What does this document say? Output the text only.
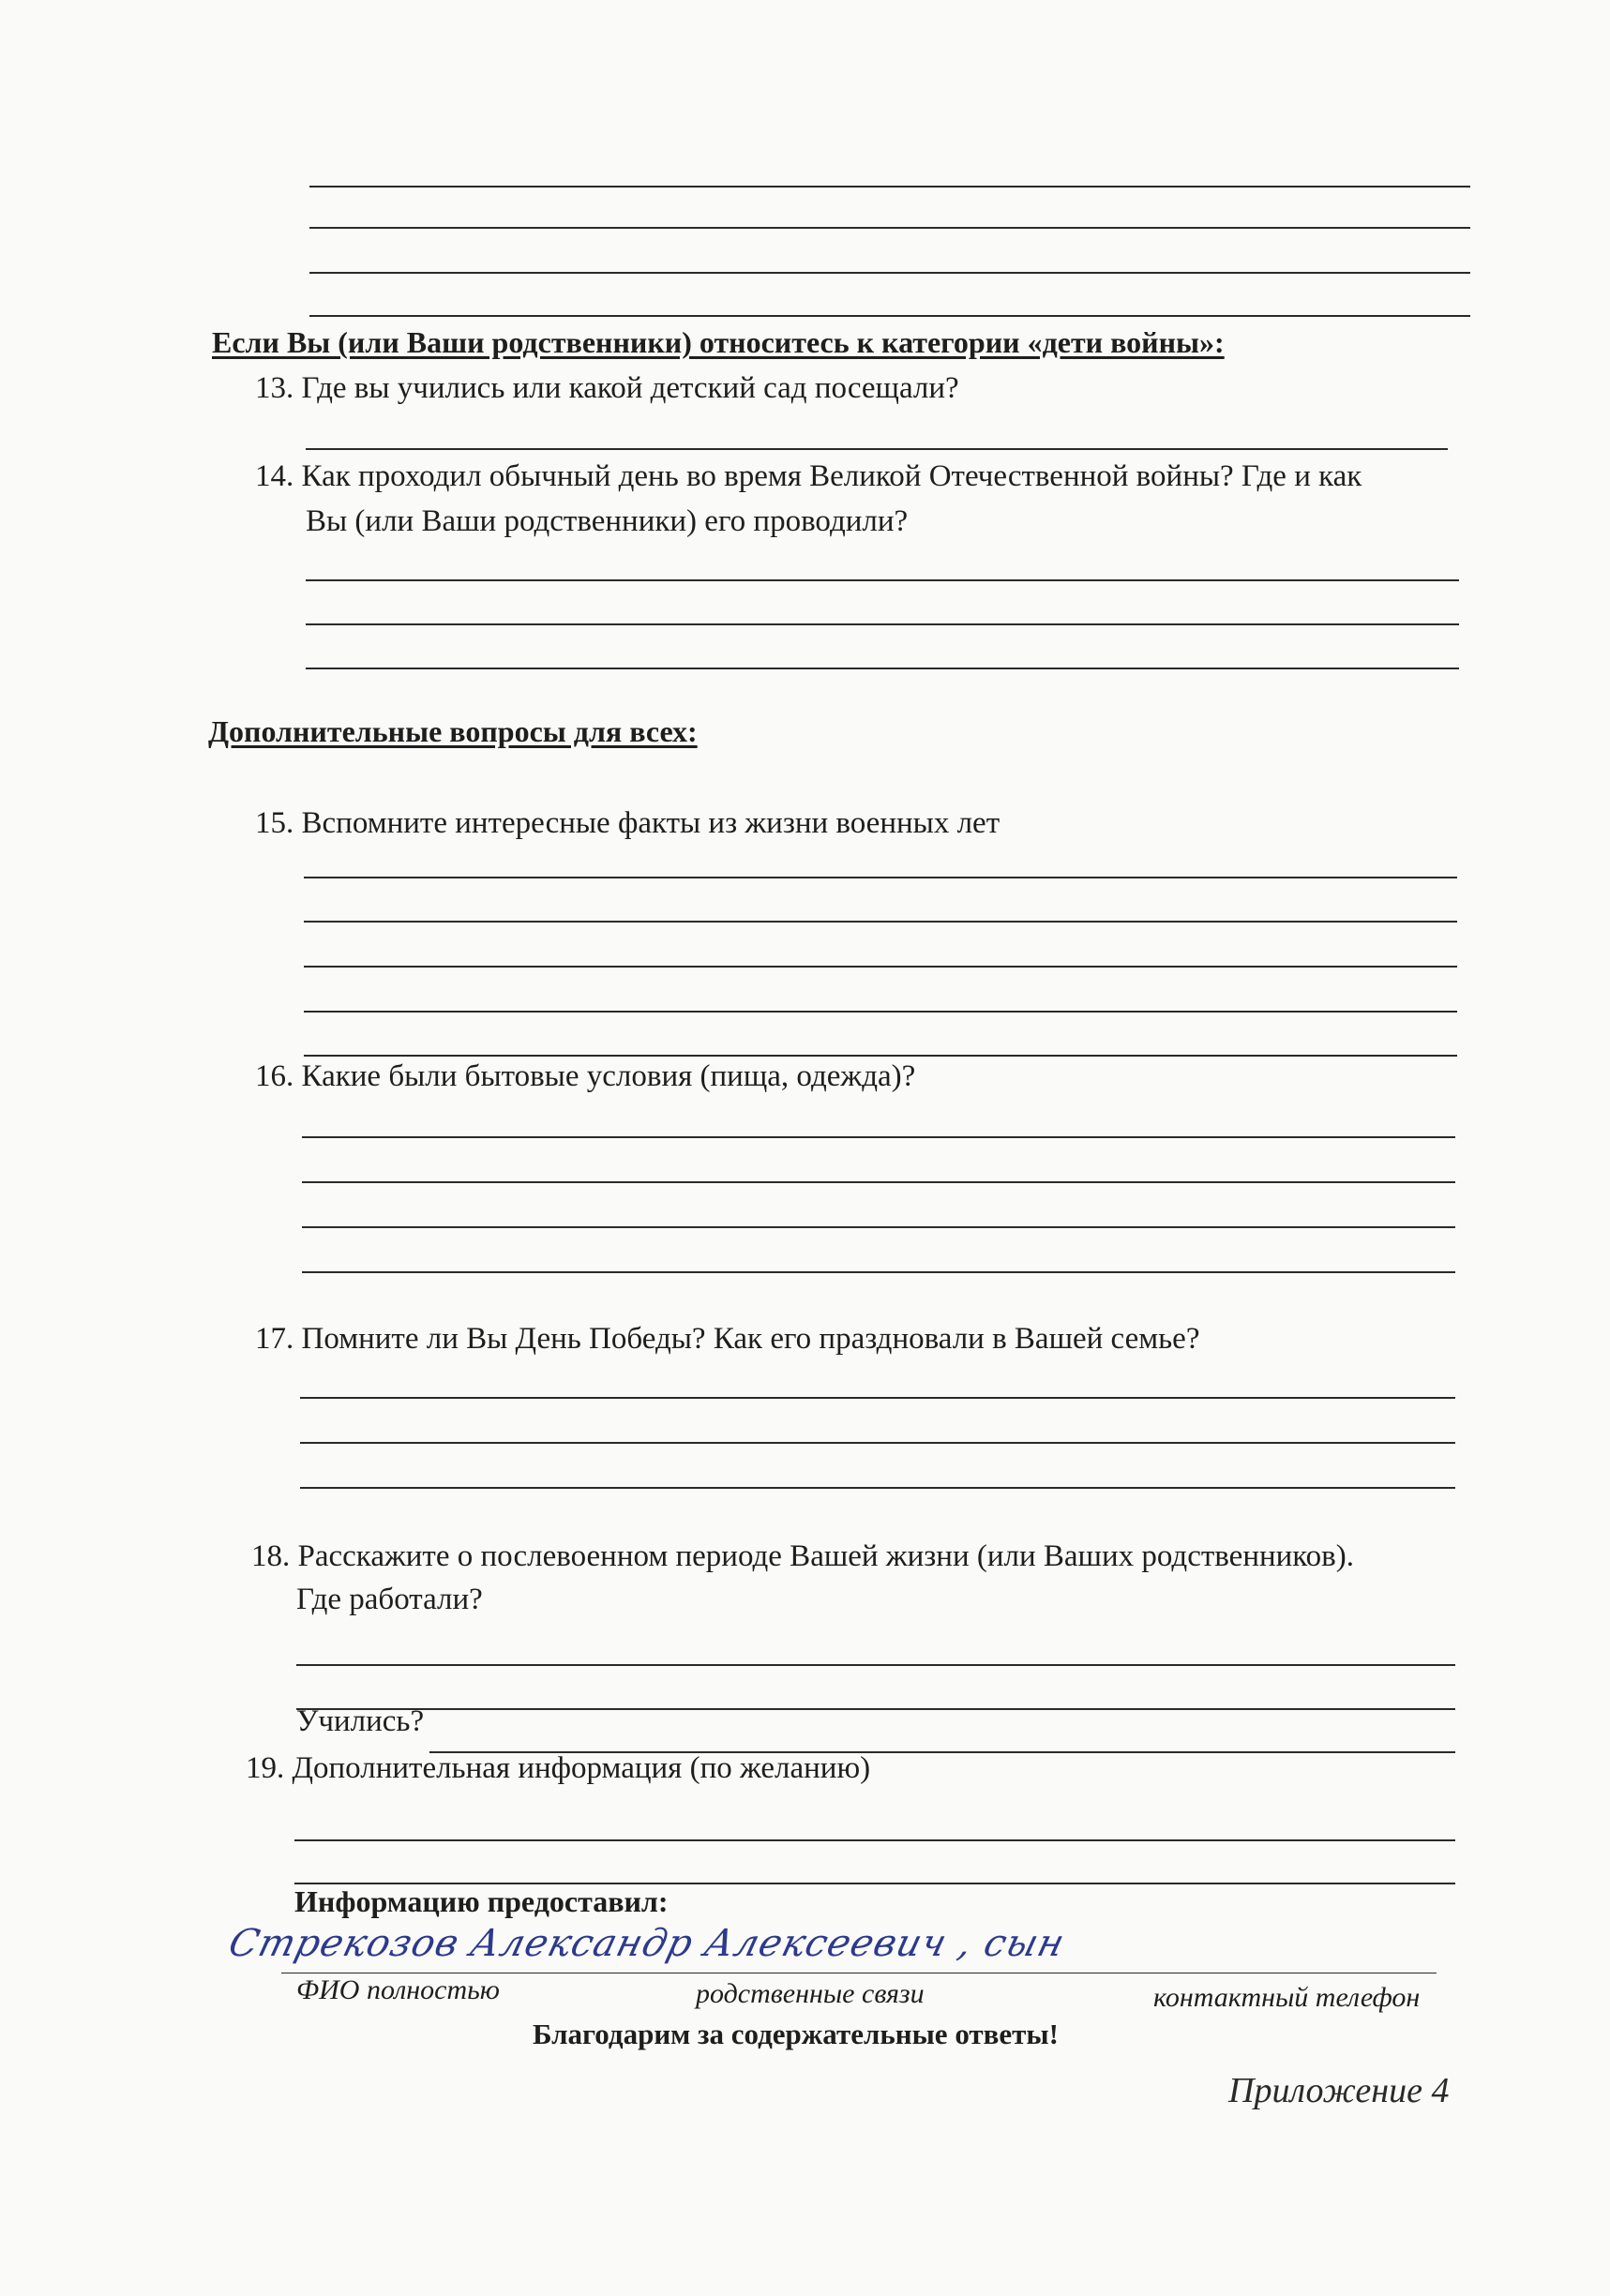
Если Вы (или Ваши родственники) относитесь к категории «дети войны»:
13. Где вы учились или какой детский сад посещали?
14. Как проходил обычный день во время Великой Отечественной войны? Где и как
Вы (или Ваши родственники) его проводили?
Дополнительные вопросы для всех:
15. Вспомните интересные факты из жизни военных лет
16. Какие были бытовые условия (пища, одежда)?
17. Помните ли Вы День Победы? Как его праздновали в Вашей семье?
18. Расскажите о послевоенном периоде Вашей жизни (или Ваших родственников).
Где работали?
Учились?
19. Дополнительная информация (по желанию)
Информацию предоставил:
Стрекозов Александр Алексеевич , сын
ФИО полностью	родственные связи	контактный телефон
Благодарим за содержательные ответы!
Приложение 4
